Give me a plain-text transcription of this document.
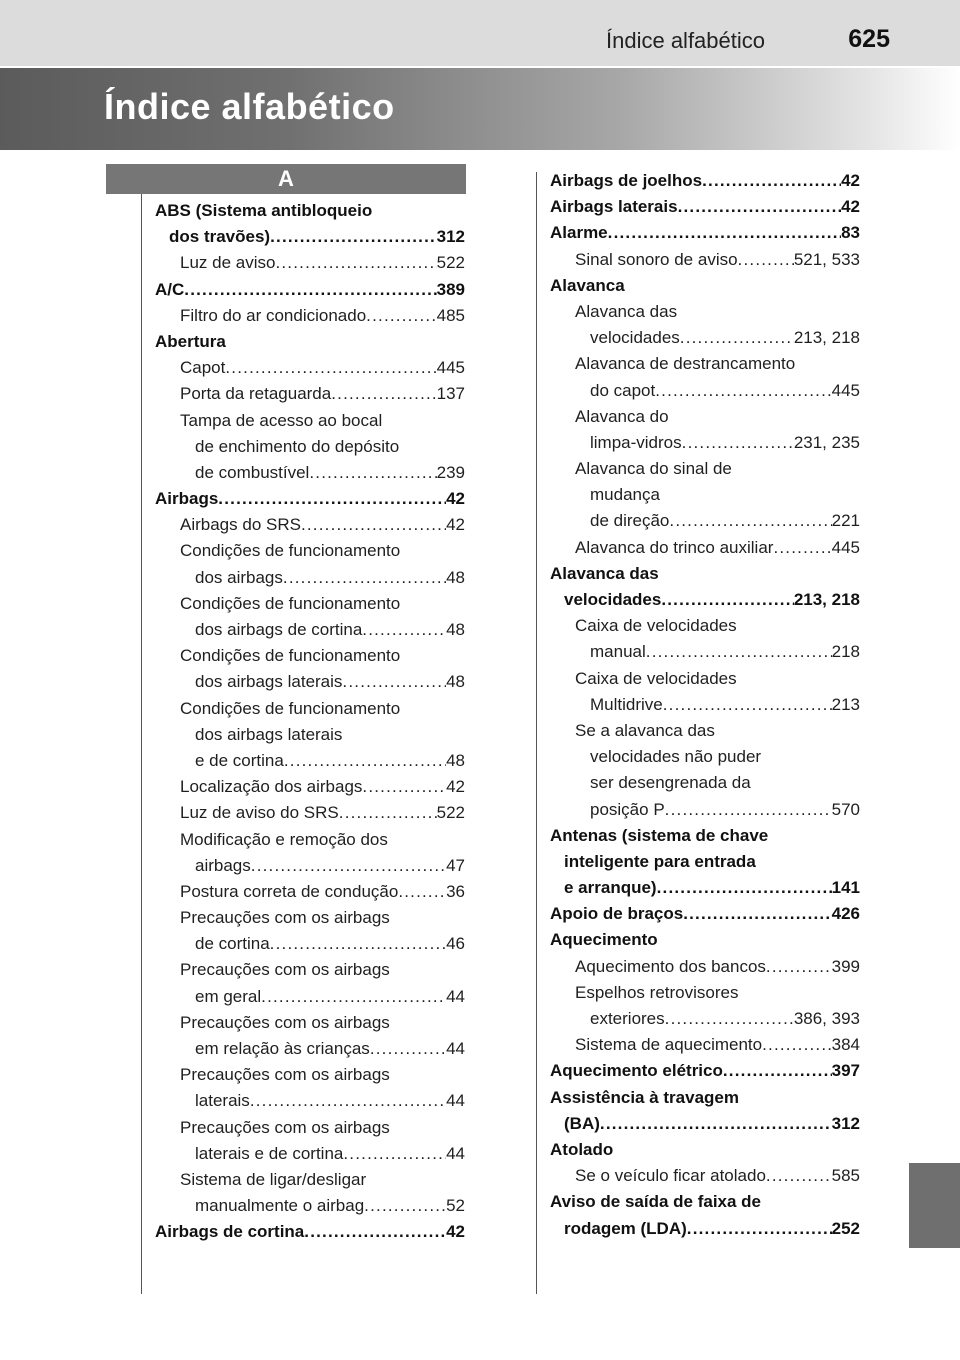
Índice alfabético	625
Índice alfabético
A
ABS (Sistema antibloqueio
dos travões) .....	312
Luz de aviso .....	522
A/C .....	389
Filtro do ar condicionado .....	485
Abertura
Capot .....	445
Porta da retaguarda .....	137
Tampa de acesso ao bocal
de enchimento do depósito
de combustível .....	239
Airbags .....	42
Airbags do SRS .....	42
Condições de funcionamento
dos airbags .....	48
Condições de funcionamento
dos airbags de cortina .....	48
Condições de funcionamento
dos airbags laterais .....	48
Condições de funcionamento
dos airbags laterais
e de cortina .....	48
Localização dos airbags .....	42
Luz de aviso do SRS .....	522
Modificação e remoção dos
airbags .....	47
Postura correta de condução .....	36
Precauções com os airbags
de cortina .....	46
Precauções com os airbags
em geral .....	44
Precauções com os airbags
em relação às crianças .....	44
Precauções com os airbags
laterais .....	44
Precauções com os airbags
laterais e de cortina .....	44
Sistema de ligar/desligar
manualmente o airbag .....	52
Airbags de cortina .....	42
Airbags de joelhos .....	42
Airbags laterais .....	42
Alarme .....	83
Sinal sonoro de aviso .....	521, 533
Alavanca
Alavanca das
velocidades .....	213, 218
Alavanca de destrancamento
do capot .....	445
Alavanca do
limpa-vidros .....	231, 235
Alavanca do sinal de
mudança
de direção .....	221
Alavanca do trinco auxiliar .....	445
Alavanca das
velocidades .....	213, 218
Caixa de velocidades
manual .....	218
Caixa de velocidades
Multidrive .....	213
Se a alavanca das
velocidades não puder
ser desengrenada da
posição P .....	570
Antenas (sistema de chave
inteligente para entrada
e arranque) .....	141
Apoio de braços .....	426
Aquecimento
Aquecimento dos bancos .....	399
Espelhos retrovisores
exteriores .....	386, 393
Sistema de aquecimento .....	384
Aquecimento elétrico .....	397
Assistência à travagem
(BA) .....	312
Atolado
Se o veículo ficar atolado .....	585
Aviso de saída de faixa de
rodagem (LDA) .....	252
